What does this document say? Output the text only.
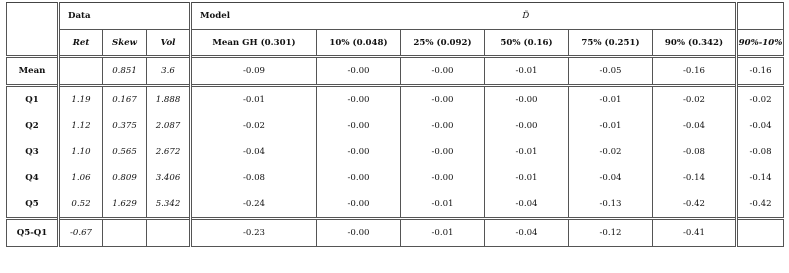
	Data			Model	D̃					
	Ret	Skew	Vol	Mean GH (0.301)	10% (0.048)	25% (0.092)	50% (0.16)	75% (0.251)	90% (0.342)	90%-10%
Mean		0.851	3.6	-0.09	-0.00	-0.00	-0.01	-0.05	-0.16	-0.16
Q1	1.19	0.167	1.888	-0.01	-0.00	-0.00	-0.00	-0.01	-0.02	-0.02
Q2	1.12	0.375	2.087	-0.02	-0.00	-0.00	-0.00	-0.01	-0.04	-0.04
Q3	1.10	0.565	2.672	-0.04	-0.00	-0.00	-0.01	-0.02	-0.08	-0.08
Q4	1.06	0.809	3.406	-0.08	-0.00	-0.00	-0.01	-0.04	-0.14	-0.14
Q5	0.52	1.629	5.342	-0.24	-0.00	-0.01	-0.04	-0.13	-0.42	-0.42
Q5-Q1	-0.67			-0.23	-0.00	-0.01	-0.04	-0.12	-0.41	
